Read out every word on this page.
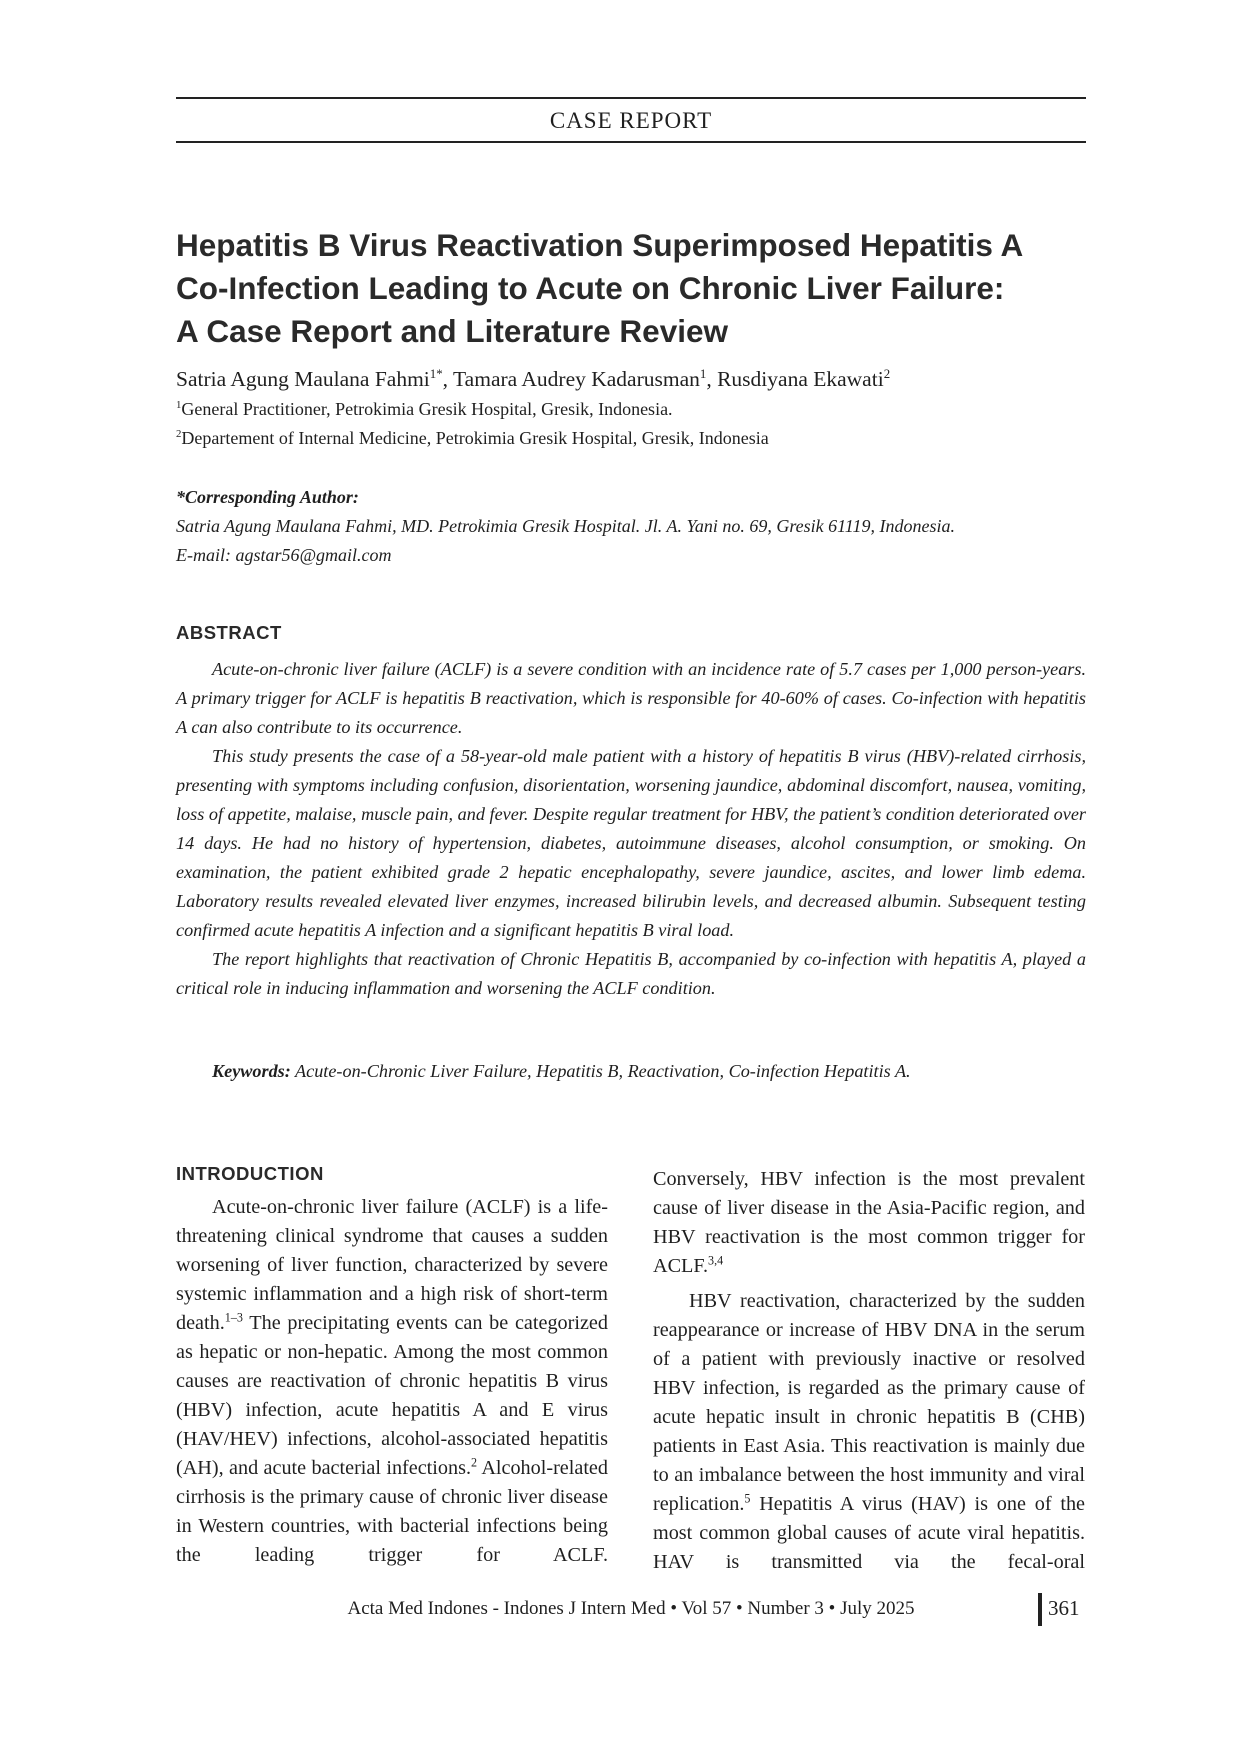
CASE REPORT
Hepatitis B Virus Reactivation Superimposed Hepatitis A
Co-Infection Leading to Acute on Chronic Liver Failure:
A Case Report and Literature Review
Satria Agung Maulana Fahmi$^{1*}$, Tamara Audrey Kadarusman$^1$, Rusdiyana Ekawati$^2$
$^1$General Practitioner, Petrokimia Gresik Hospital, Gresik, Indonesia.
$^2$Departement of Internal Medicine, Petrokimia Gresik Hospital, Gresik, Indonesia
*Corresponding Author:
Satria Agung Maulana Fahmi, MD. Petrokimia Gresik Hospital. Jl. A. Yani no. 69, Gresik 61119, Indonesia.
E-mail: agstar56@gmail.com
ABSTRACT

Acute-on-chronic liver failure (ACLF) is a severe condition with an incidence rate of 5.7 cases per 1,000 person-years. A primary trigger for ACLF is hepatitis B reactivation, which is responsible for 40-60% of cases. Co-infection with hepatitis A can also contribute to its occurrence.

This study presents the case of a 58-year-old male patient with a history of hepatitis B virus (HBV)-related cirrhosis, presenting with symptoms including confusion, disorientation, worsening jaundice, abdominal discomfort, nausea, vomiting, loss of appetite, malaise, muscle pain, and fever. Despite regular treatment for HBV, the patient’s condition deteriorated over 14 days. He had no history of hypertension, diabetes, autoimmune diseases, alcohol consumption, or smoking. On examination, the patient exhibited grade 2 hepatic encephalopathy, severe jaundice, ascites, and lower limb edema. Laboratory results revealed elevated liver enzymes, increased bilirubin levels, and decreased albumin. Subsequent testing confirmed acute hepatitis A infection and a significant hepatitis B viral load.

The report highlights that reactivation of Chronic Hepatitis B, accompanied by co-infection with hepatitis A, played a critical role in inducing inflammation and worsening the ACLF condition.

Keywords: Acute-on-Chronic Liver Failure, Hepatitis B, Reactivation, Co-infection Hepatitis A.
INTRODUCTION

Acute-on-chronic liver failure (ACLF) is a life-threatening clinical syndrome that causes a sudden worsening of liver function, characterized by severe systemic inflammation and a high risk of short-term death.$^{1-3}$ The precipitating events can be categorized as hepatic or non-hepatic. Among the most common causes are reactivation of chronic hepatitis B virus (HBV) infection, acute hepatitis A and E virus (HAV/HEV) infections, alcohol-associated hepatitis (AH), and acute bacterial infections.$^2$ Alcohol-related cirrhosis is the primary cause of chronic liver disease in Western countries, with bacterial infections being the leading trigger for ACLF.

Conversely, HBV infection is the most prevalent cause of liver disease in the Asia-Pacific region, and HBV reactivation is the most common trigger for ACLF.$^{3,4}$

HBV reactivation, characterized by the sudden reappearance or increase of HBV DNA in the serum of a patient with previously inactive or resolved HBV infection, is regarded as the primary cause of acute hepatic insult in chronic hepatitis B (CHB) patients in East Asia. This reactivation is mainly due to an imbalance between the host immunity and viral replication.$^5$ Hepatitis A virus (HAV) is one of the most common global causes of acute viral hepatitis. HAV is transmitted via the fecal-oral

Acta Med Indones - Indones J Intern Med • Vol 57 • Number 3 • July 2025	361
